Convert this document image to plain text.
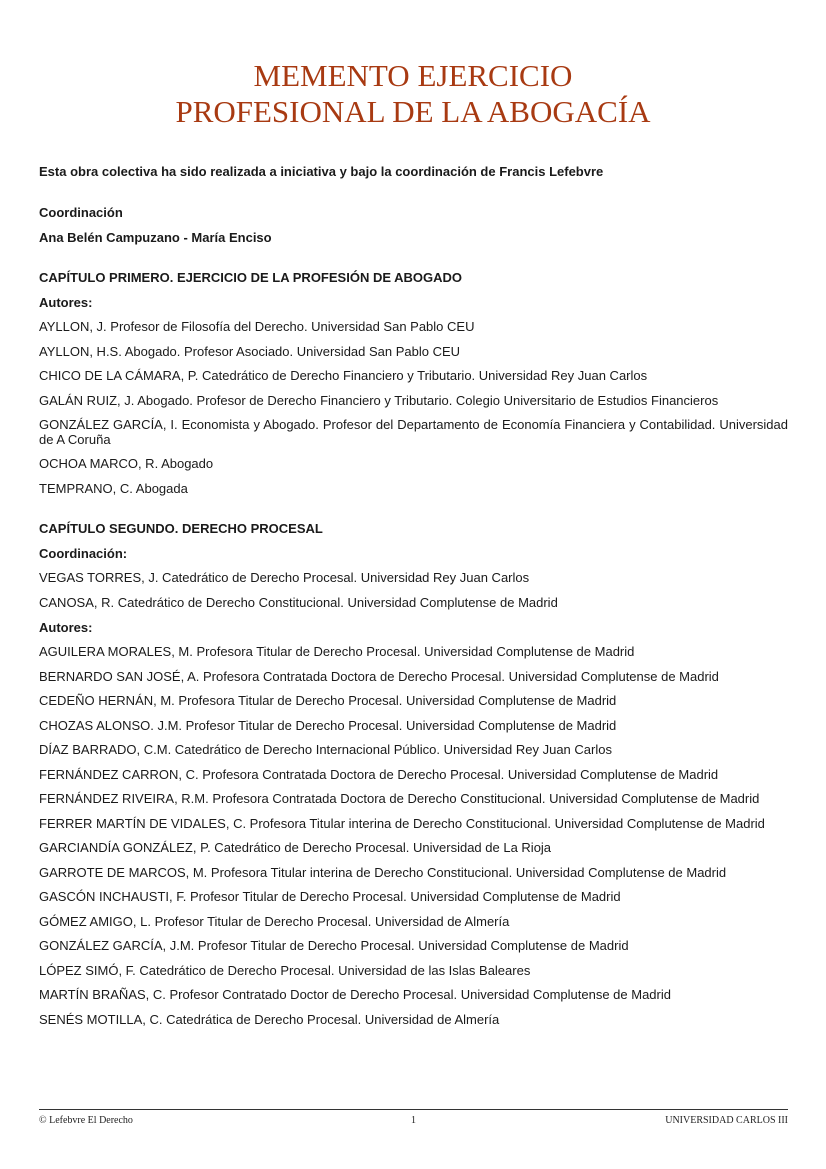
MEMENTO EJERCICIO
PROFESIONAL DE LA ABOGACÍA

Esta obra colectiva ha sido realizada a iniciativa y bajo la coordinación de Francis Lefebvre

Coordinación

Ana Belén Campuzano - María Enciso

CAPÍTULO PRIMERO. EJERCICIO DE LA PROFESIÓN DE ABOGADO

Autores:

AYLLON, J. Profesor de Filosofía del Derecho. Universidad San Pablo CEU
AYLLON, H.S. Abogado. Profesor Asociado. Universidad San Pablo CEU
CHICO DE LA CÁMARA, P. Catedrático de Derecho Financiero y Tributario. Universidad Rey Juan Carlos
GALÁN RUIZ, J. Abogado. Profesor de Derecho Financiero y Tributario. Colegio Universitario de Estudios Financieros
GONZÁLEZ GARCÍA, I. Economista y Abogado. Profesor del Departamento de Economía Financiera y Contabilidad. Universidad de A Coruña
OCHOA MARCO, R. Abogado
TEMPRANO, C. Abogada

CAPÍTULO SEGUNDO. DERECHO PROCESAL

Coordinación:

VEGAS TORRES, J. Catedrático de Derecho Procesal. Universidad Rey Juan Carlos
CANOSA, R. Catedrático de Derecho Constitucional. Universidad Complutense de Madrid

Autores:

AGUILERA MORALES, M. Profesora Titular de Derecho Procesal. Universidad Complutense de Madrid
BERNARDO SAN JOSÉ, A. Profesora Contratada Doctora de Derecho Procesal. Universidad Complutense de Madrid
CEDEÑO HERNÁN, M. Profesora Titular de Derecho Procesal. Universidad Complutense de Madrid
CHOZAS ALONSO. J.M. Profesor Titular de Derecho Procesal. Universidad Complutense de Madrid
DÍAZ BARRADO, C.M. Catedrático de Derecho Internacional Público. Universidad Rey Juan Carlos
FERNÁNDEZ CARRON, C. Profesora Contratada Doctora de Derecho Procesal. Universidad Complutense de Madrid
FERNÁNDEZ RIVEIRA, R.M. Profesora Contratada Doctora de Derecho Constitucional. Universidad Complutense de Madrid
FERRER MARTÍN DE VIDALES, C. Profesora Titular interina de Derecho Constitucional. Universidad Complutense de Madrid
GARCIANDÍA GONZÁLEZ, P. Catedrático de Derecho Procesal. Universidad de La Rioja
GARROTE DE MARCOS, M. Profesora Titular interina de Derecho Constitucional. Universidad Complutense de Madrid
GASCÓN INCHAUSTI, F. Profesor Titular de Derecho Procesal. Universidad Complutense de Madrid
GÓMEZ AMIGO, L. Profesor Titular de Derecho Procesal. Universidad de Almería
GONZÁLEZ GARCÍA, J.M. Profesor Titular de Derecho Procesal. Universidad Complutense de Madrid
LÓPEZ SIMÓ, F. Catedrático de Derecho Procesal. Universidad de las Islas Baleares
MARTÍN BRAÑAS, C. Profesor Contratado Doctor de Derecho Procesal. Universidad Complutense de Madrid
SENÉS MOTILLA, C. Catedrática de Derecho Procesal. Universidad de Almería
© Lefebvre El Derecho	1	UNIVERSIDAD CARLOS III
